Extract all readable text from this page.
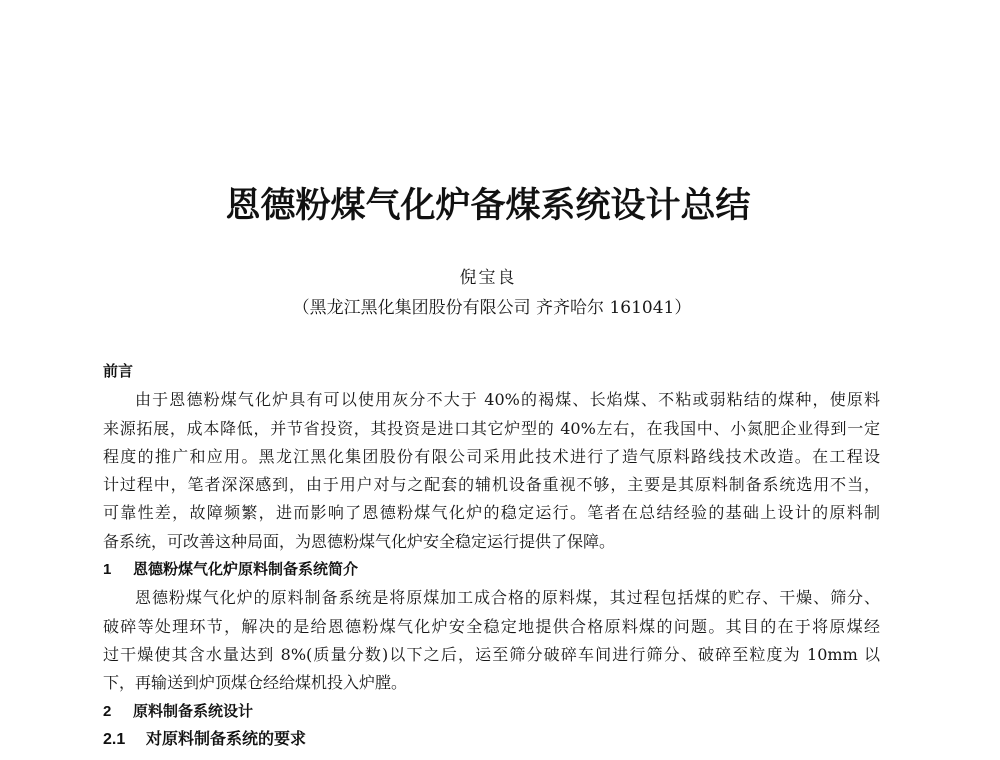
恩德粉煤气化炉备煤系统设计总结
倪宝良
（黑龙江黑化集团股份有限公司 齐齐哈尔 161041）
前言
由于恩德粉煤气化炉具有可以使用灰分不大于 40%的褐煤、长焰煤、不粘或弱粘结的煤种，使原料
来源拓展，成本降低，并节省投资，其投资是进口其它炉型的 40%左右，在我国中、小氮肥企业得到一定
程度的推广和应用。黑龙江黑化集团股份有限公司采用此技术进行了造气原料路线技术改造。在工程设
计过程中，笔者深深感到，由于用户对与之配套的辅机设备重视不够，主要是其原料制备系统选用不当，
可靠性差，故障频繁，进而影响了恩德粉煤气化炉的稳定运行。笔者在总结经验的基础上设计的原料制
备系统，可改善这种局面，为恩德粉煤气化炉安全稳定运行提供了保障。
1 恩德粉煤气化炉原料制备系统简介
恩德粉煤气化炉的原料制备系统是将原煤加工成合格的原料煤，其过程包括煤的贮存、干燥、筛分、
破碎等处理环节，解决的是给恩德粉煤气化炉安全稳定地提供合格原料煤的问题。其目的在于将原煤经
过干燥使其含水量达到 8%(质量分数)以下之后，运至筛分破碎车间进行筛分、破碎至粒度为 10mm 以
下，再输送到炉顶煤仓经给煤机投入炉膛。
2 原料制备系统设计
2.1 对原料制备系统的要求
